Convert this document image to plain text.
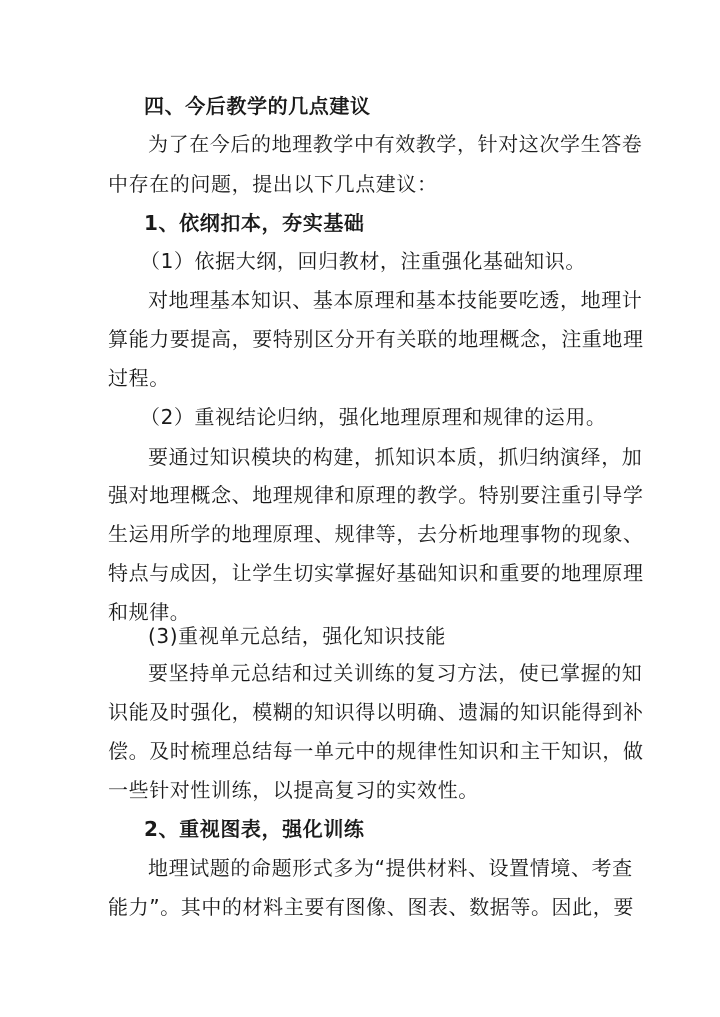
四、今后教学的几点建议
为了在今后的地理教学中有效教学，针对这次学生答卷
中存在的问题，提出以下几点建议：
1、依纲扣本，夯实基础
（1）依据大纲，回归教材，注重强化基础知识。
对地理基本知识、基本原理和基本技能要吃透，地理计
算能力要提高，要特别区分开有关联的地理概念，注重地理
过程。
（2）重视结论归纳，强化地理原理和规律的运用。
要通过知识模块的构建，抓知识本质，抓归纳演绎，加
强对地理概念、地理规律和原理的教学。特别要注重引导学
生运用所学的地理原理、规律等，去分析地理事物的现象、
特点与成因，让学生切实掌握好基础知识和重要的地理原理
和规律。
(3)重视单元总结，强化知识技能
要坚持单元总结和过关训练的复习方法，使已掌握的知
识能及时强化，模糊的知识得以明确、遗漏的知识能得到补
偿。及时梳理总结每一单元中的规律性知识和主干知识，做
一些针对性训练，以提高复习的实效性。
2、重视图表，强化训练
地理试题的命题形式多为“提供材料、设置情境、考查
能力”。其中的材料主要有图像、图表、数据等。因此，要
